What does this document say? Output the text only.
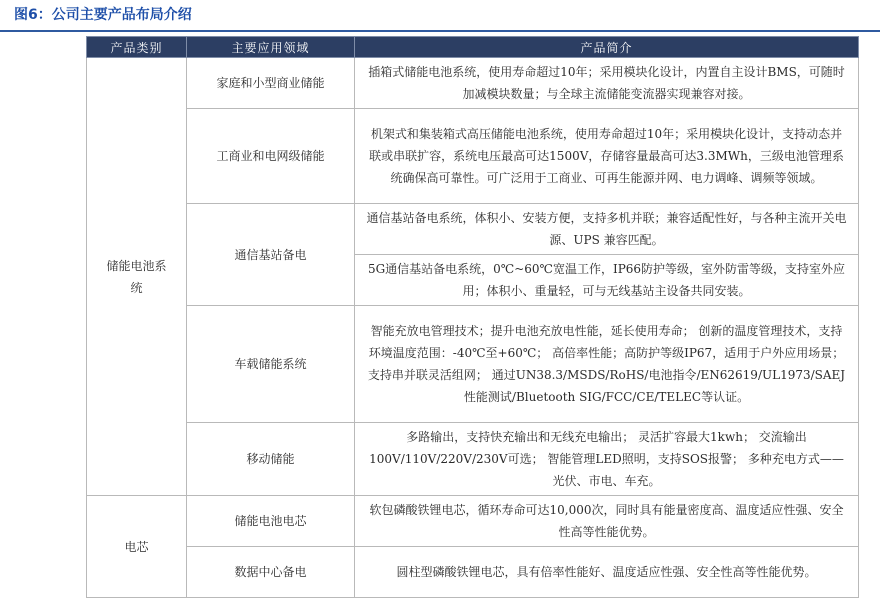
图6：公司主要产品布局介绍
产品类别	主要应用领域	产品简介
储能电池系统	家庭和小型商业储能	插箱式储能电池系统，使用寿命超过10年；采用模块化设计，内置自主设计BMS，可随时加减模块数量；与全球主流储能变流器实现兼容对接。
	工商业和电网级储能	机架式和集装箱式高压储能电池系统，使用寿命超过10年；采用模块化设计，支持动态并联或串联扩容，系统电压最高可达1500V，存储容量最高可达3.3MWh，三级电池管理系统确保高可靠性。可广泛用于工商业、可再生能源并网、电力调峰、调频等领域。
	通信基站备电	通信基站备电系统，体积小、安装方便，支持多机并联；兼容适配性好，与各种主流开关电源、UPS 兼容匹配。
		5G通信基站备电系统，0℃~60℃宽温工作，IP66防护等级，室外防雷等级，支持室外应用；体积小、重量轻，可与无线基站主设备共同安装。
	车载储能系统	智能充放电管理技术；提升电池充放电性能，延长使用寿命； 创新的温度管理技术，支持环境温度范围：-40℃至+60℃； 高倍率性能；高防护等级IP67，适用于户外应用场景；支持串并联灵活组网； 通过UN38.3/MSDS/RoHS/电池指令/EN62619/UL1973/SAEJ性能测试/Bluetooth SIG/FCC/CE/TELEC等认证。
	移动储能	多路输出，支持快充输出和无线充电输出； 灵活扩容最大1kwh； 交流输出100V/110V/220V/230V可选； 智能管理LED照明，支持SOS报警； 多种充电方式——光伏、市电、车充。
电芯	储能电池电芯	软包磷酸铁锂电芯，循环寿命可达10,000次，同时具有能量密度高、温度适应性强、安全性高等性能优势。
	数据中心备电	圆柱型磷酸铁锂电芯，具有倍率性能好、温度适应性强、安全性高等性能优势。
